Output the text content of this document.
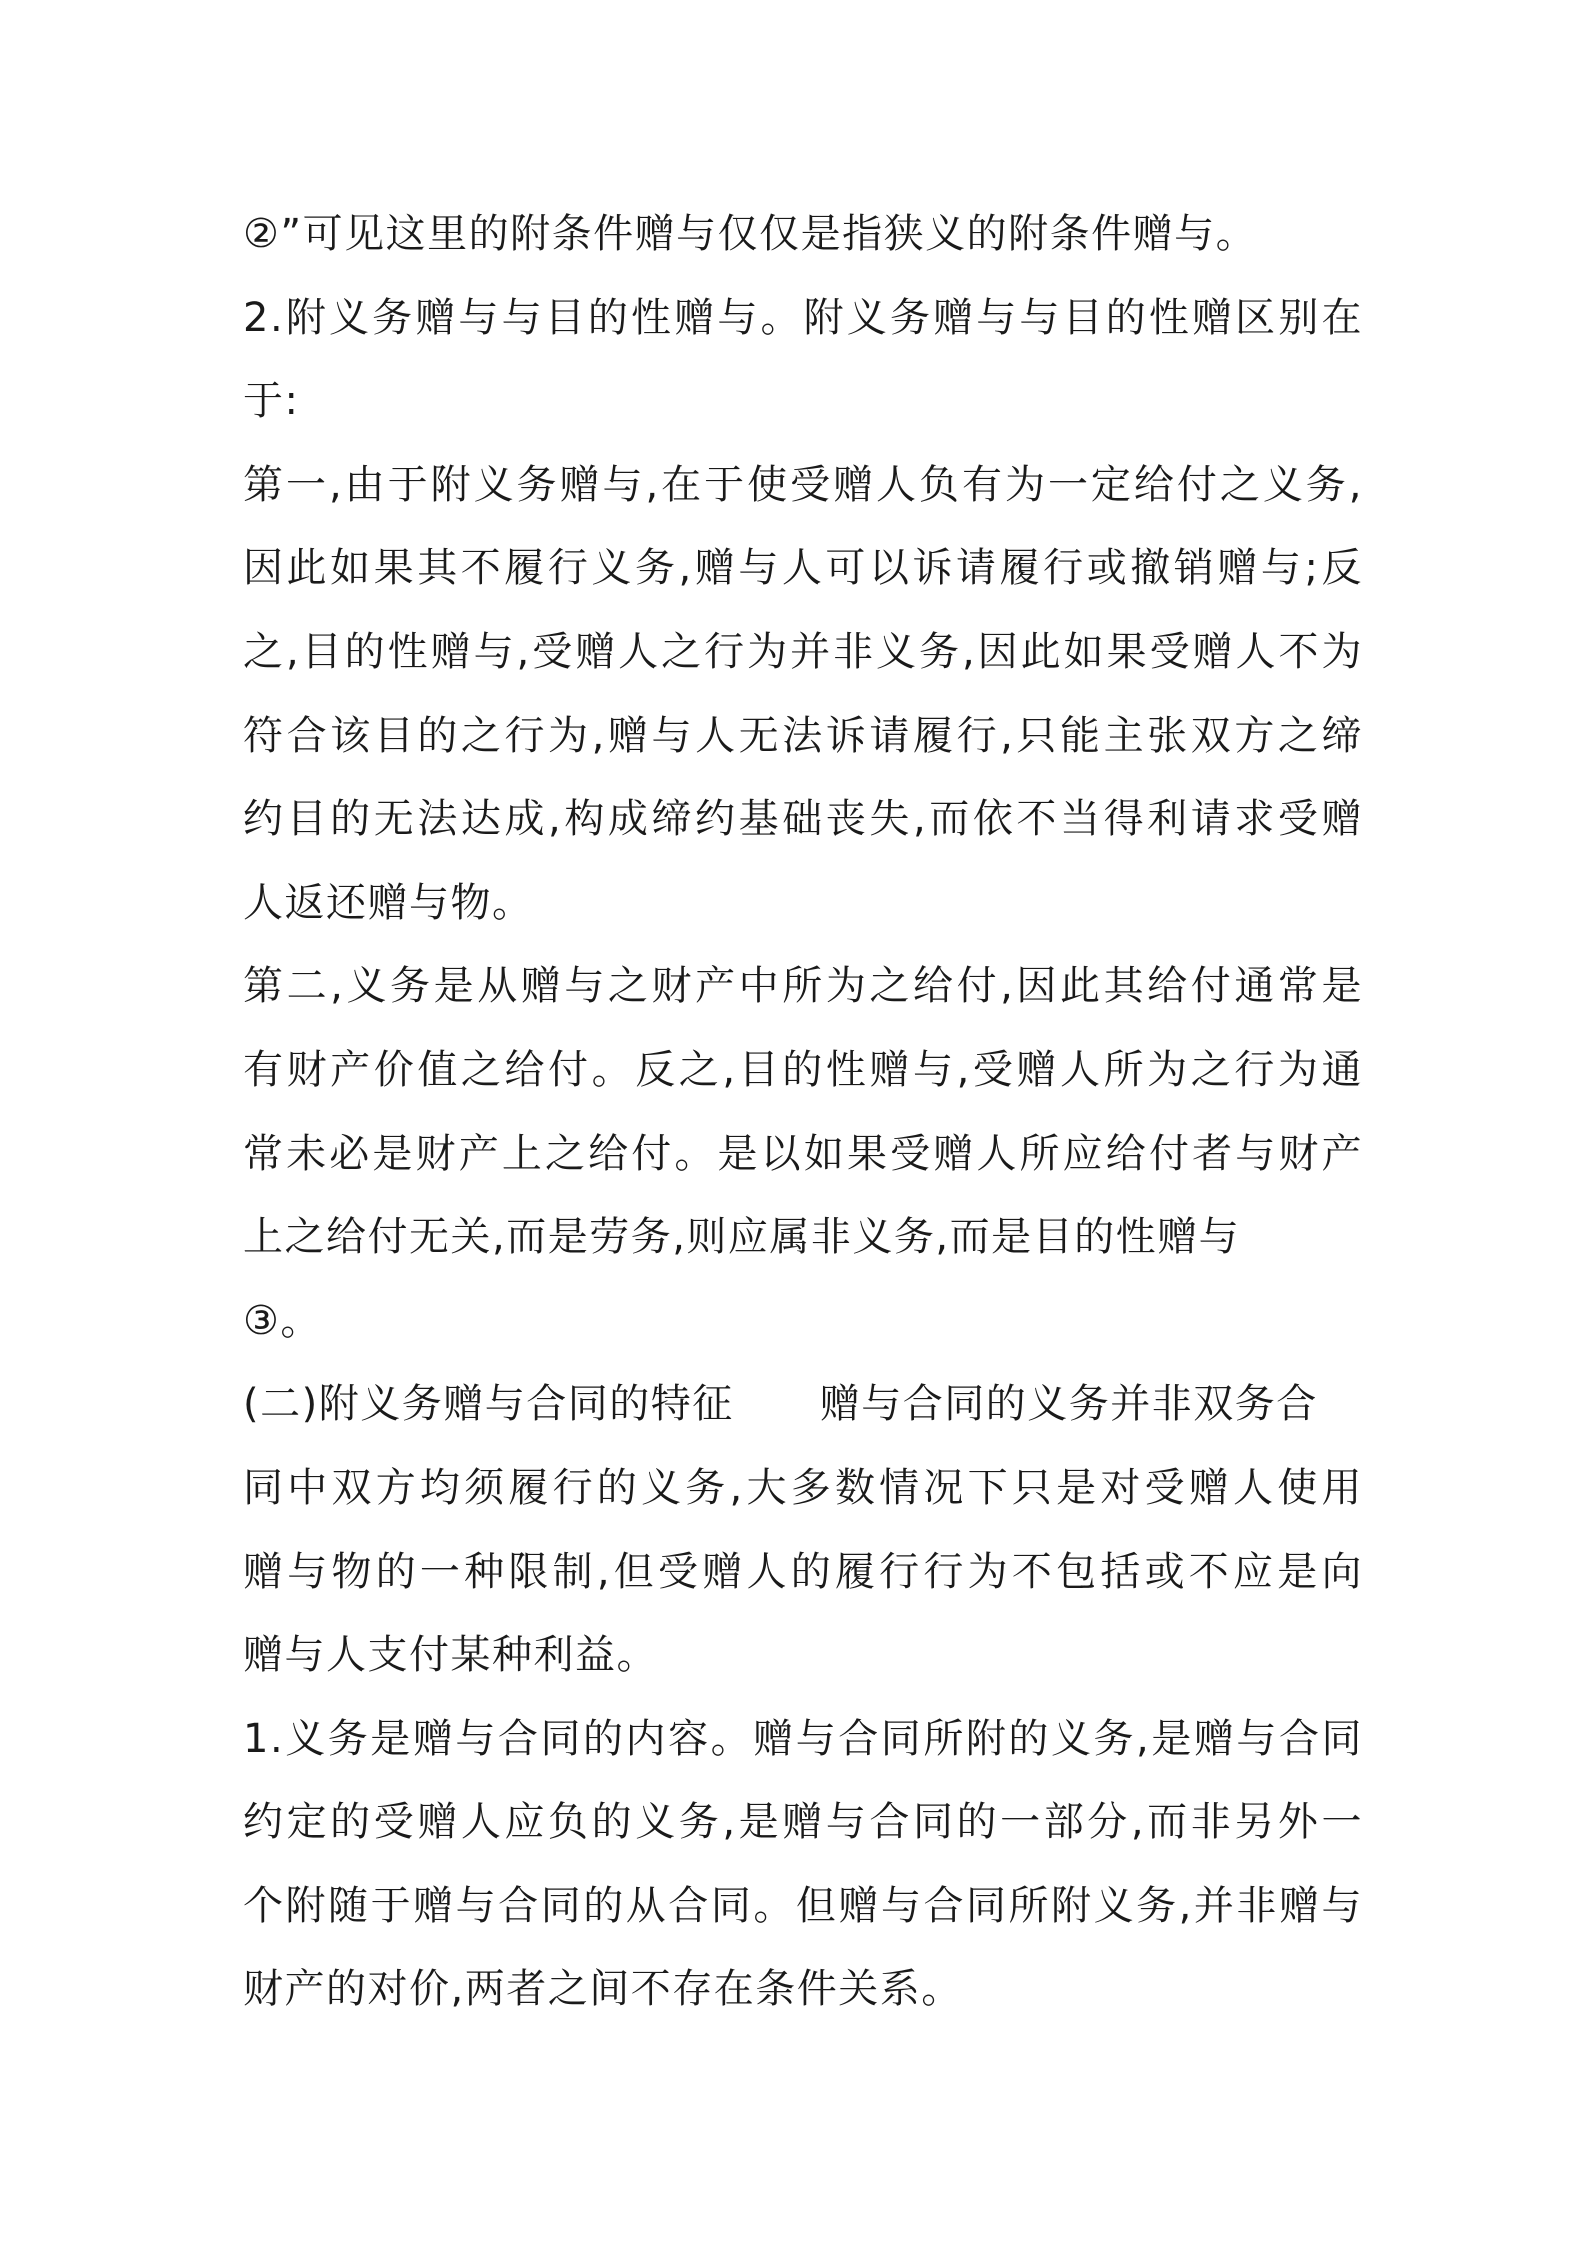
②”可见这里的附条件赠与仅仅是指狭义的附条件赠与。
2.附义务赠与与目的性赠与。附义务赠与与目的性赠区别在
于:
第一,由于附义务赠与,在于使受赠人负有为一定给付之义务,
因此如果其不履行义务,赠与人可以诉请履行或撤销赠与;反
之,目的性赠与,受赠人之行为并非义务,因此如果受赠人不为
符合该目的之行为,赠与人无法诉请履行,只能主张双方之缔
约目的无法达成,构成缔约基础丧失,而依不当得利请求受赠
人返还赠与物。
第二,义务是从赠与之财产中所为之给付,因此其给付通常是
有财产价值之给付。反之,目的性赠与,受赠人所为之行为通
常未必是财产上之给付。是以如果受赠人所应给付者与财产
上之给付无关,而是劳务,则应属非义务,而是目的性赠与
③。
(二)附义务赠与合同的特征 赠与合同的义务并非双务合
同中双方均须履行的义务,大多数情况下只是对受赠人使用
赠与物的一种限制,但受赠人的履行行为不包括或不应是向
赠与人支付某种利益。
1.义务是赠与合同的内容。赠与合同所附的义务,是赠与合同
约定的受赠人应负的义务,是赠与合同的一部分,而非另外一
个附随于赠与合同的从合同。但赠与合同所附义务,并非赠与
财产的对价,两者之间不存在条件关系。
